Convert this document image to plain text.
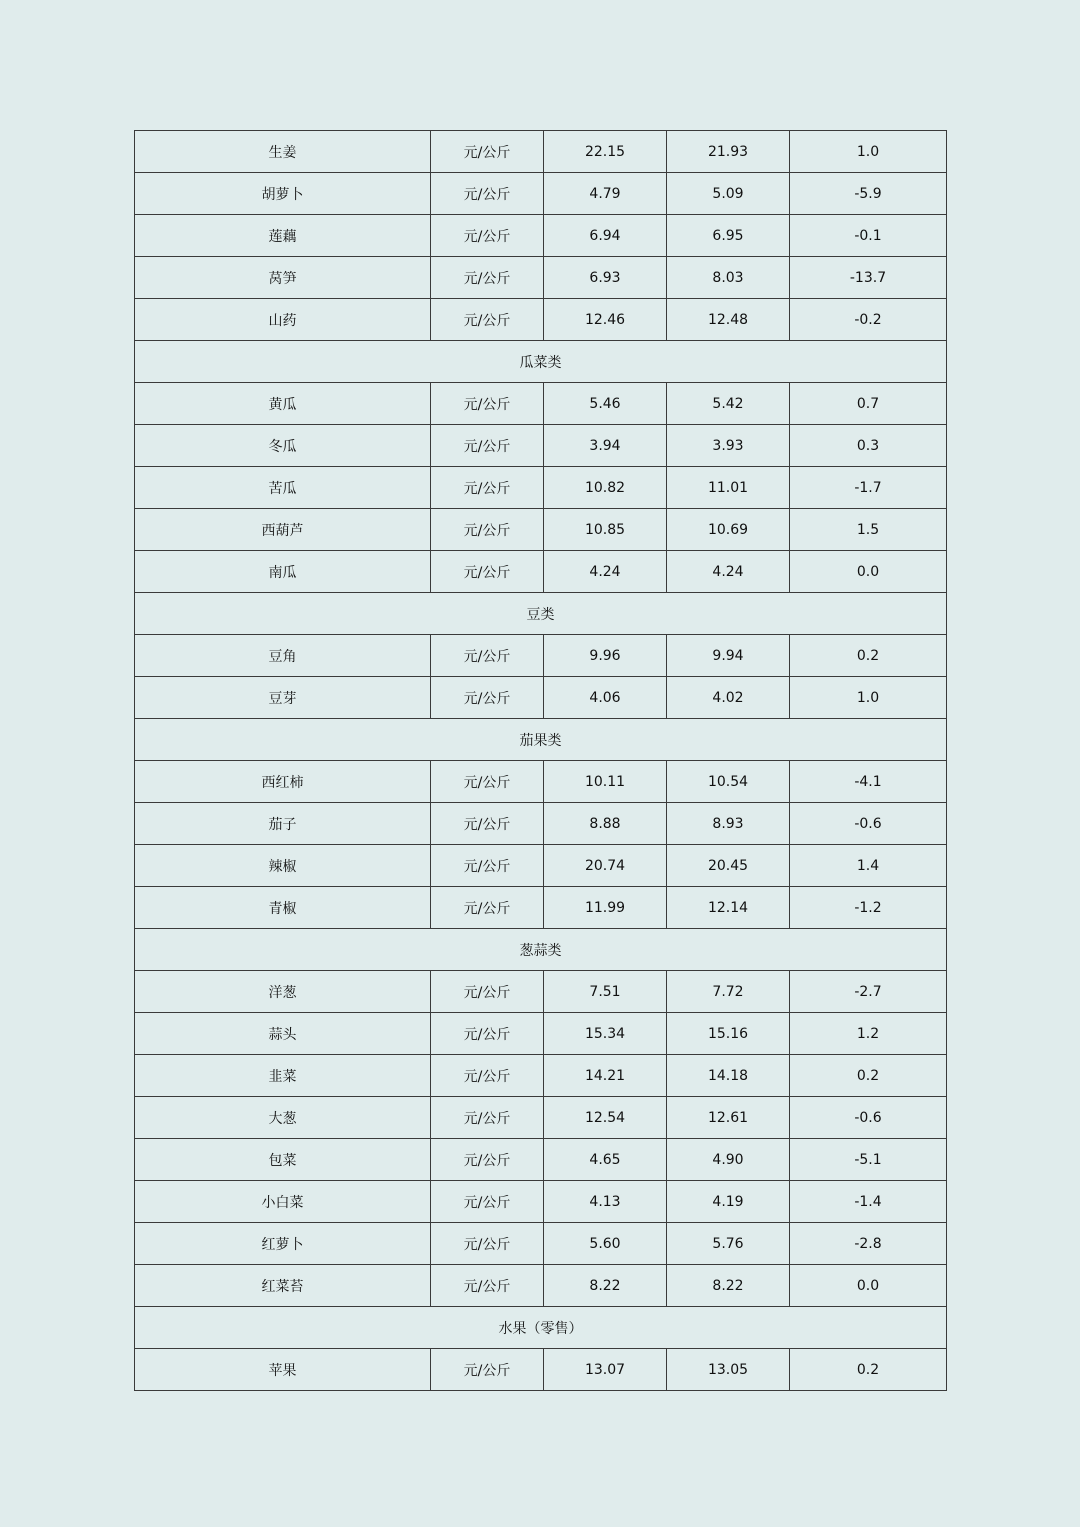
生姜	元/公斤	22.15	21.93	1.0
胡萝卜	元/公斤	4.79	5.09	-5.9
莲藕	元/公斤	6.94	6.95	-0.1
莴笋	元/公斤	6.93	8.03	-13.7
山药	元/公斤	12.46	12.48	-0.2
瓜菜类				
黄瓜	元/公斤	5.46	5.42	0.7
冬瓜	元/公斤	3.94	3.93	0.3
苦瓜	元/公斤	10.82	11.01	-1.7
西葫芦	元/公斤	10.85	10.69	1.5
南瓜	元/公斤	4.24	4.24	0.0
豆类				
豆角	元/公斤	9.96	9.94	0.2
豆芽	元/公斤	4.06	4.02	1.0
茄果类				
西红柿	元/公斤	10.11	10.54	-4.1
茄子	元/公斤	8.88	8.93	-0.6
辣椒	元/公斤	20.74	20.45	1.4
青椒	元/公斤	11.99	12.14	-1.2
葱蒜类				
洋葱	元/公斤	7.51	7.72	-2.7
蒜头	元/公斤	15.34	15.16	1.2
韭菜	元/公斤	14.21	14.18	0.2
大葱	元/公斤	12.54	12.61	-0.6
包菜	元/公斤	4.65	4.90	-5.1
小白菜	元/公斤	4.13	4.19	-1.4
红萝卜	元/公斤	5.60	5.76	-2.8
红菜苔	元/公斤	8.22	8.22	0.0
水果（零售）				
苹果	元/公斤	13.07	13.05	0.2
